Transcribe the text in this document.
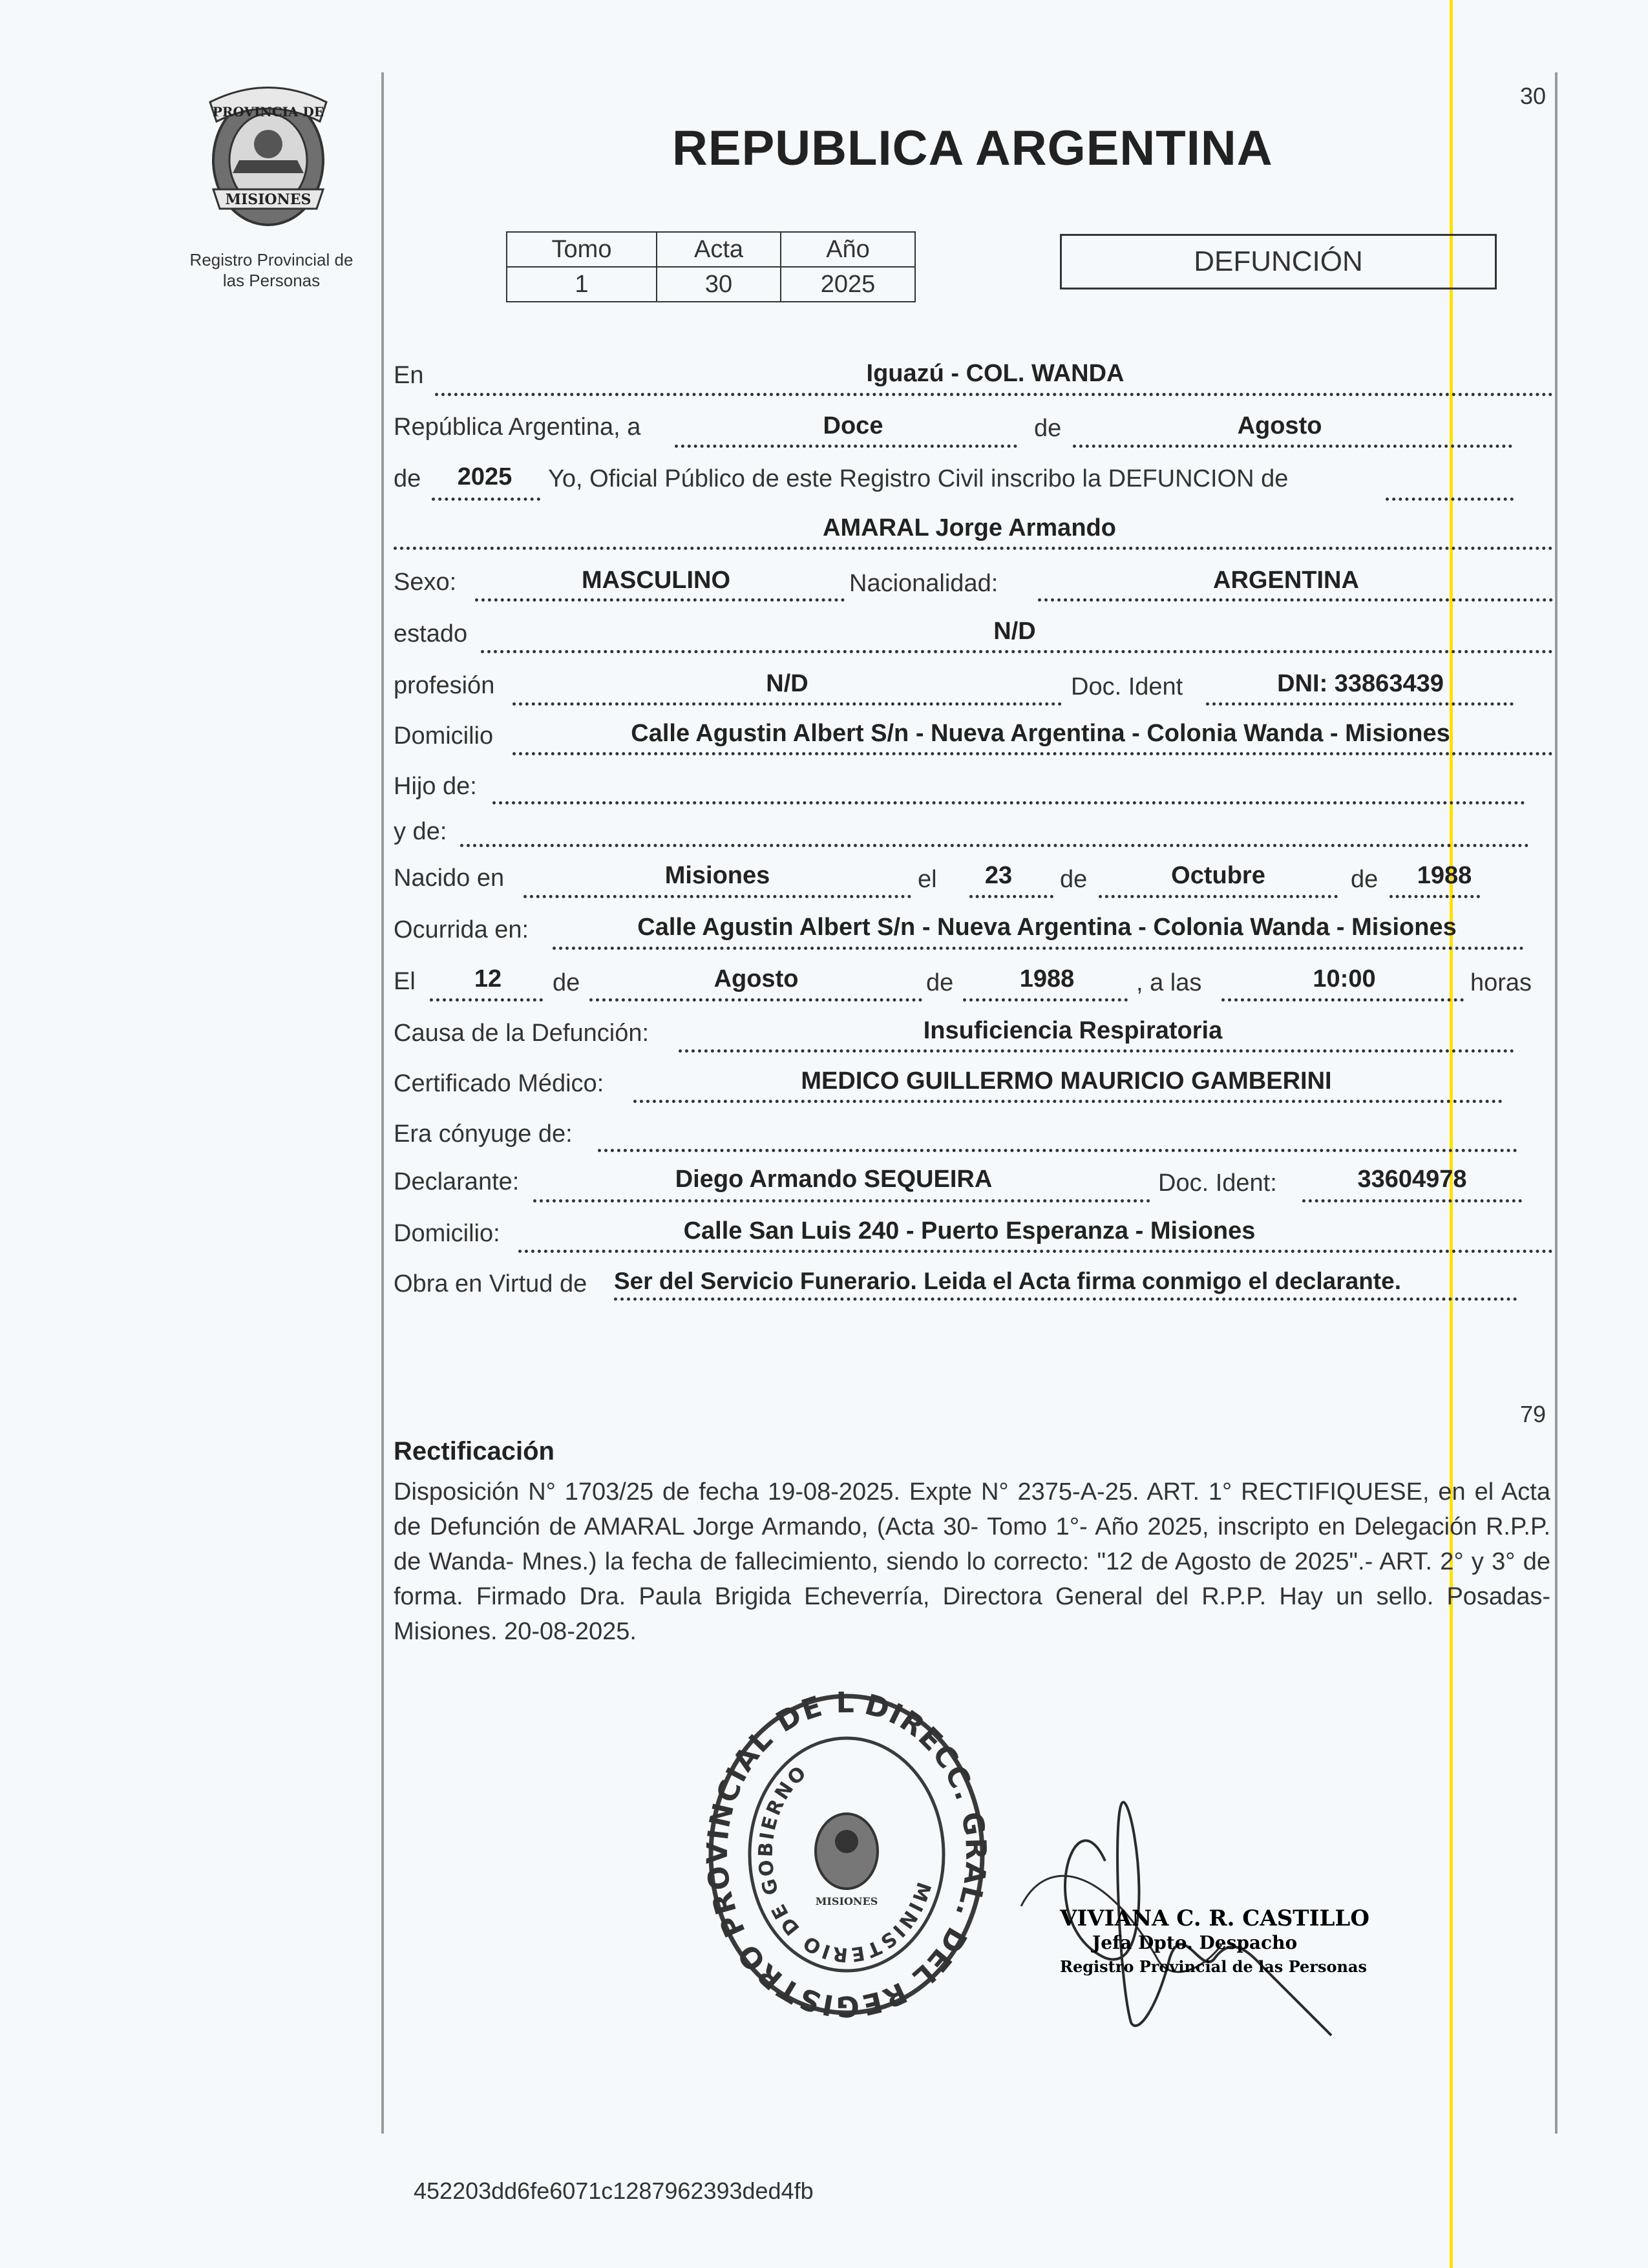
PROVINCIA DE
MISIONES
Registro Provincial de
las Personas
30
REPUBLICA ARGENTINA
Tomo	Acta	Año
1	30	2025
DEFUNCIÓN
En	Iguazú - COL. WANDA
República Argentina, a	Doce	de	Agosto
de	2025	Yo, Oficial Público de este Registro Civil inscribo la DEFUNCION de
AMARAL Jorge Armando
Sexo:	MASCULINO	Nacionalidad:	ARGENTINA
estado	N/D
profesión	N/D	Doc. Ident	DNI: 33863439
Domicilio	Calle Agustin Albert S/n - Nueva Argentina - Colonia Wanda - Misiones
Hijo de:
y de:
Nacido en	Misiones	el	23	de	Octubre	de	1988
Ocurrida en:	Calle Agustin Albert S/n - Nueva Argentina - Colonia Wanda - Misiones
El	12	de	Agosto	de	1988	, a las	10:00	horas
Causa de la Defunción:	Insuficiencia Respiratoria
Certificado Médico:	MEDICO GUILLERMO MAURICIO GAMBERINI
Era cónyuge de:
Declarante:	Diego Armando SEQUEIRA	Doc. Ident:	33604978
Domicilio:	Calle San Luis 240 - Puerto Esperanza - Misiones
Obra en Virtud de Ser del Servicio Funerario. Leida el Acta firma conmigo el declarante.
79
Rectificación
Disposición N° 1703/25 de fecha 19-08-2025. Expte N° 2375-A-25. ART. 1° RECTIFIQUESE, en el Acta de Defunción de AMARAL Jorge Armando, (Acta 30- Tomo 1°- Año 2025, inscripto en Delegación R.P.P. de Wanda- Mnes.) la fecha de fallecimiento, siendo lo correcto: "12 de Agosto de 2025".- ART. 2° y 3° de forma. Firmado Dra. Paula Brigida Echeverría, Directora General del R.P.P. Hay un sello. Posadas- Misiones. 20-08-2025.
DIRECC. GRAL. DEL REGISTRO PROVINCIAL DE L
MINISTERIO DE GOBIERNO
MISIONES
VIVIANA C. R. CASTILLO
Jefa Dpto. Despacho
Registro Provincial de las Personas
452203dd6fe6071c1287962393ded4fb
